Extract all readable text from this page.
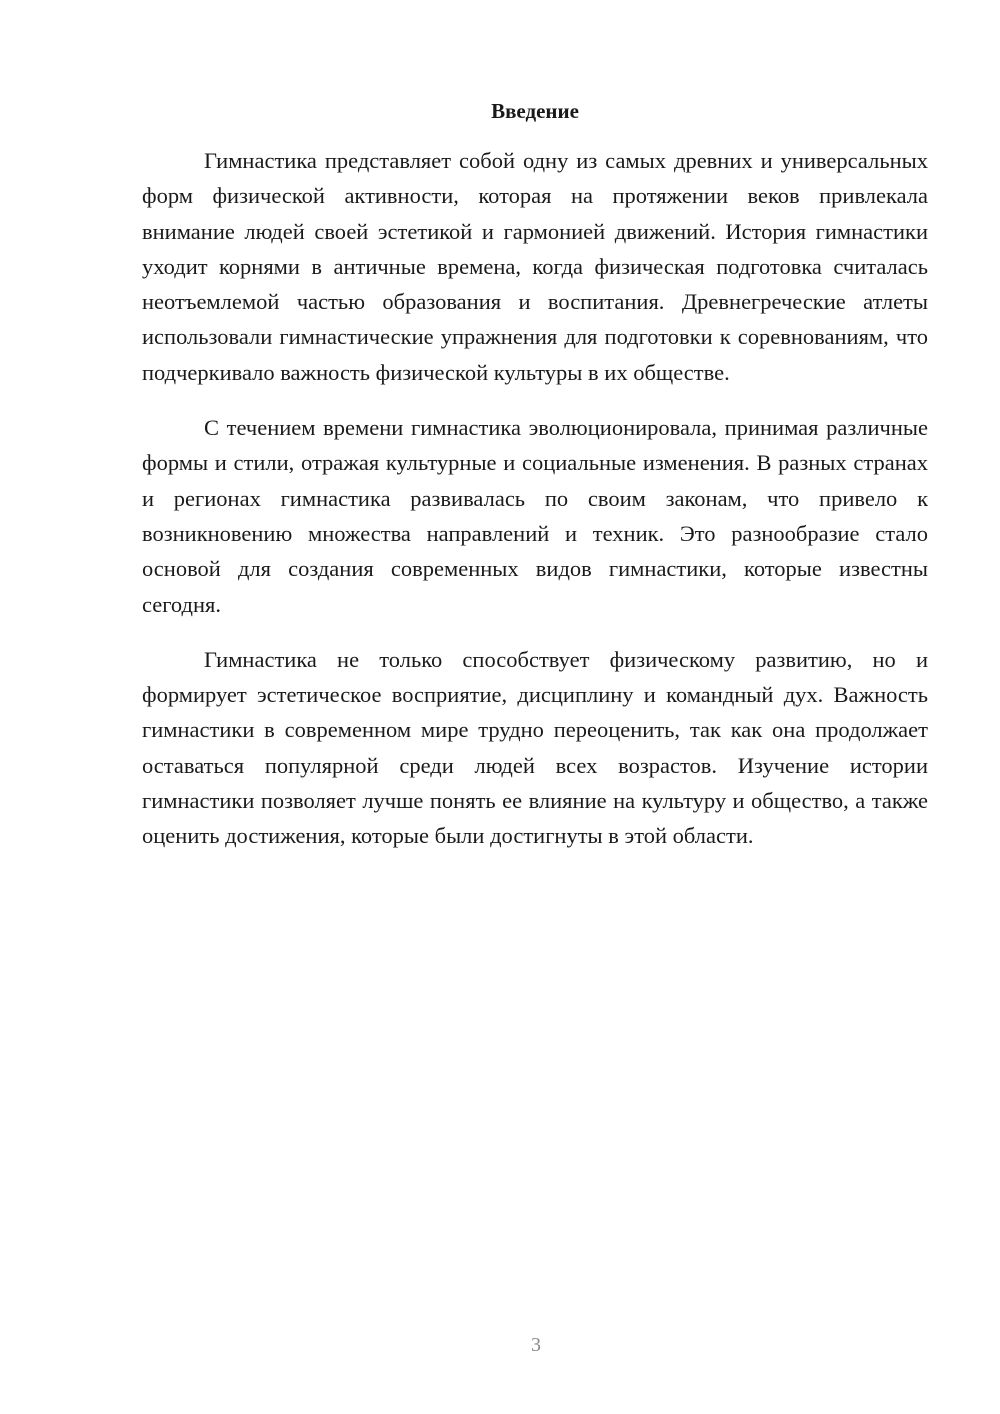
Введение

Гимнастика представляет собой одну из самых древних и универсальных форм физической активности, которая на протяжении веков привлекала внимание людей своей эстетикой и гармонией движений. История гимнастики уходит корнями в античные времена, когда физическая подготовка считалась неотъемлемой частью образования и воспитания. Древнегреческие атлеты использовали гимнастические упражнения для подготовки к соревнованиям, что подчеркивало важность физической культуры в их обществе.

С течением времени гимнастика эволюционировала, принимая различные формы и стили, отражая культурные и социальные изменения. В разных странах и регионах гимнастика развивалась по своим законам, что привело к возникновению множества направлений и техник. Это разнообразие стало основой для создания современных видов гимнастики, которые известны сегодня.

Гимнастика не только способствует физическому развитию, но и формирует эстетическое восприятие, дисциплину и командный дух. Важность гимнастики в современном мире трудно переоценить, так как она продолжает оставаться популярной среди людей всех возрастов. Изучение истории гимнастики позволяет лучше понять ее влияние на культуру и общество, а также оценить достижения, которые были достигнуты в этой области.

3
